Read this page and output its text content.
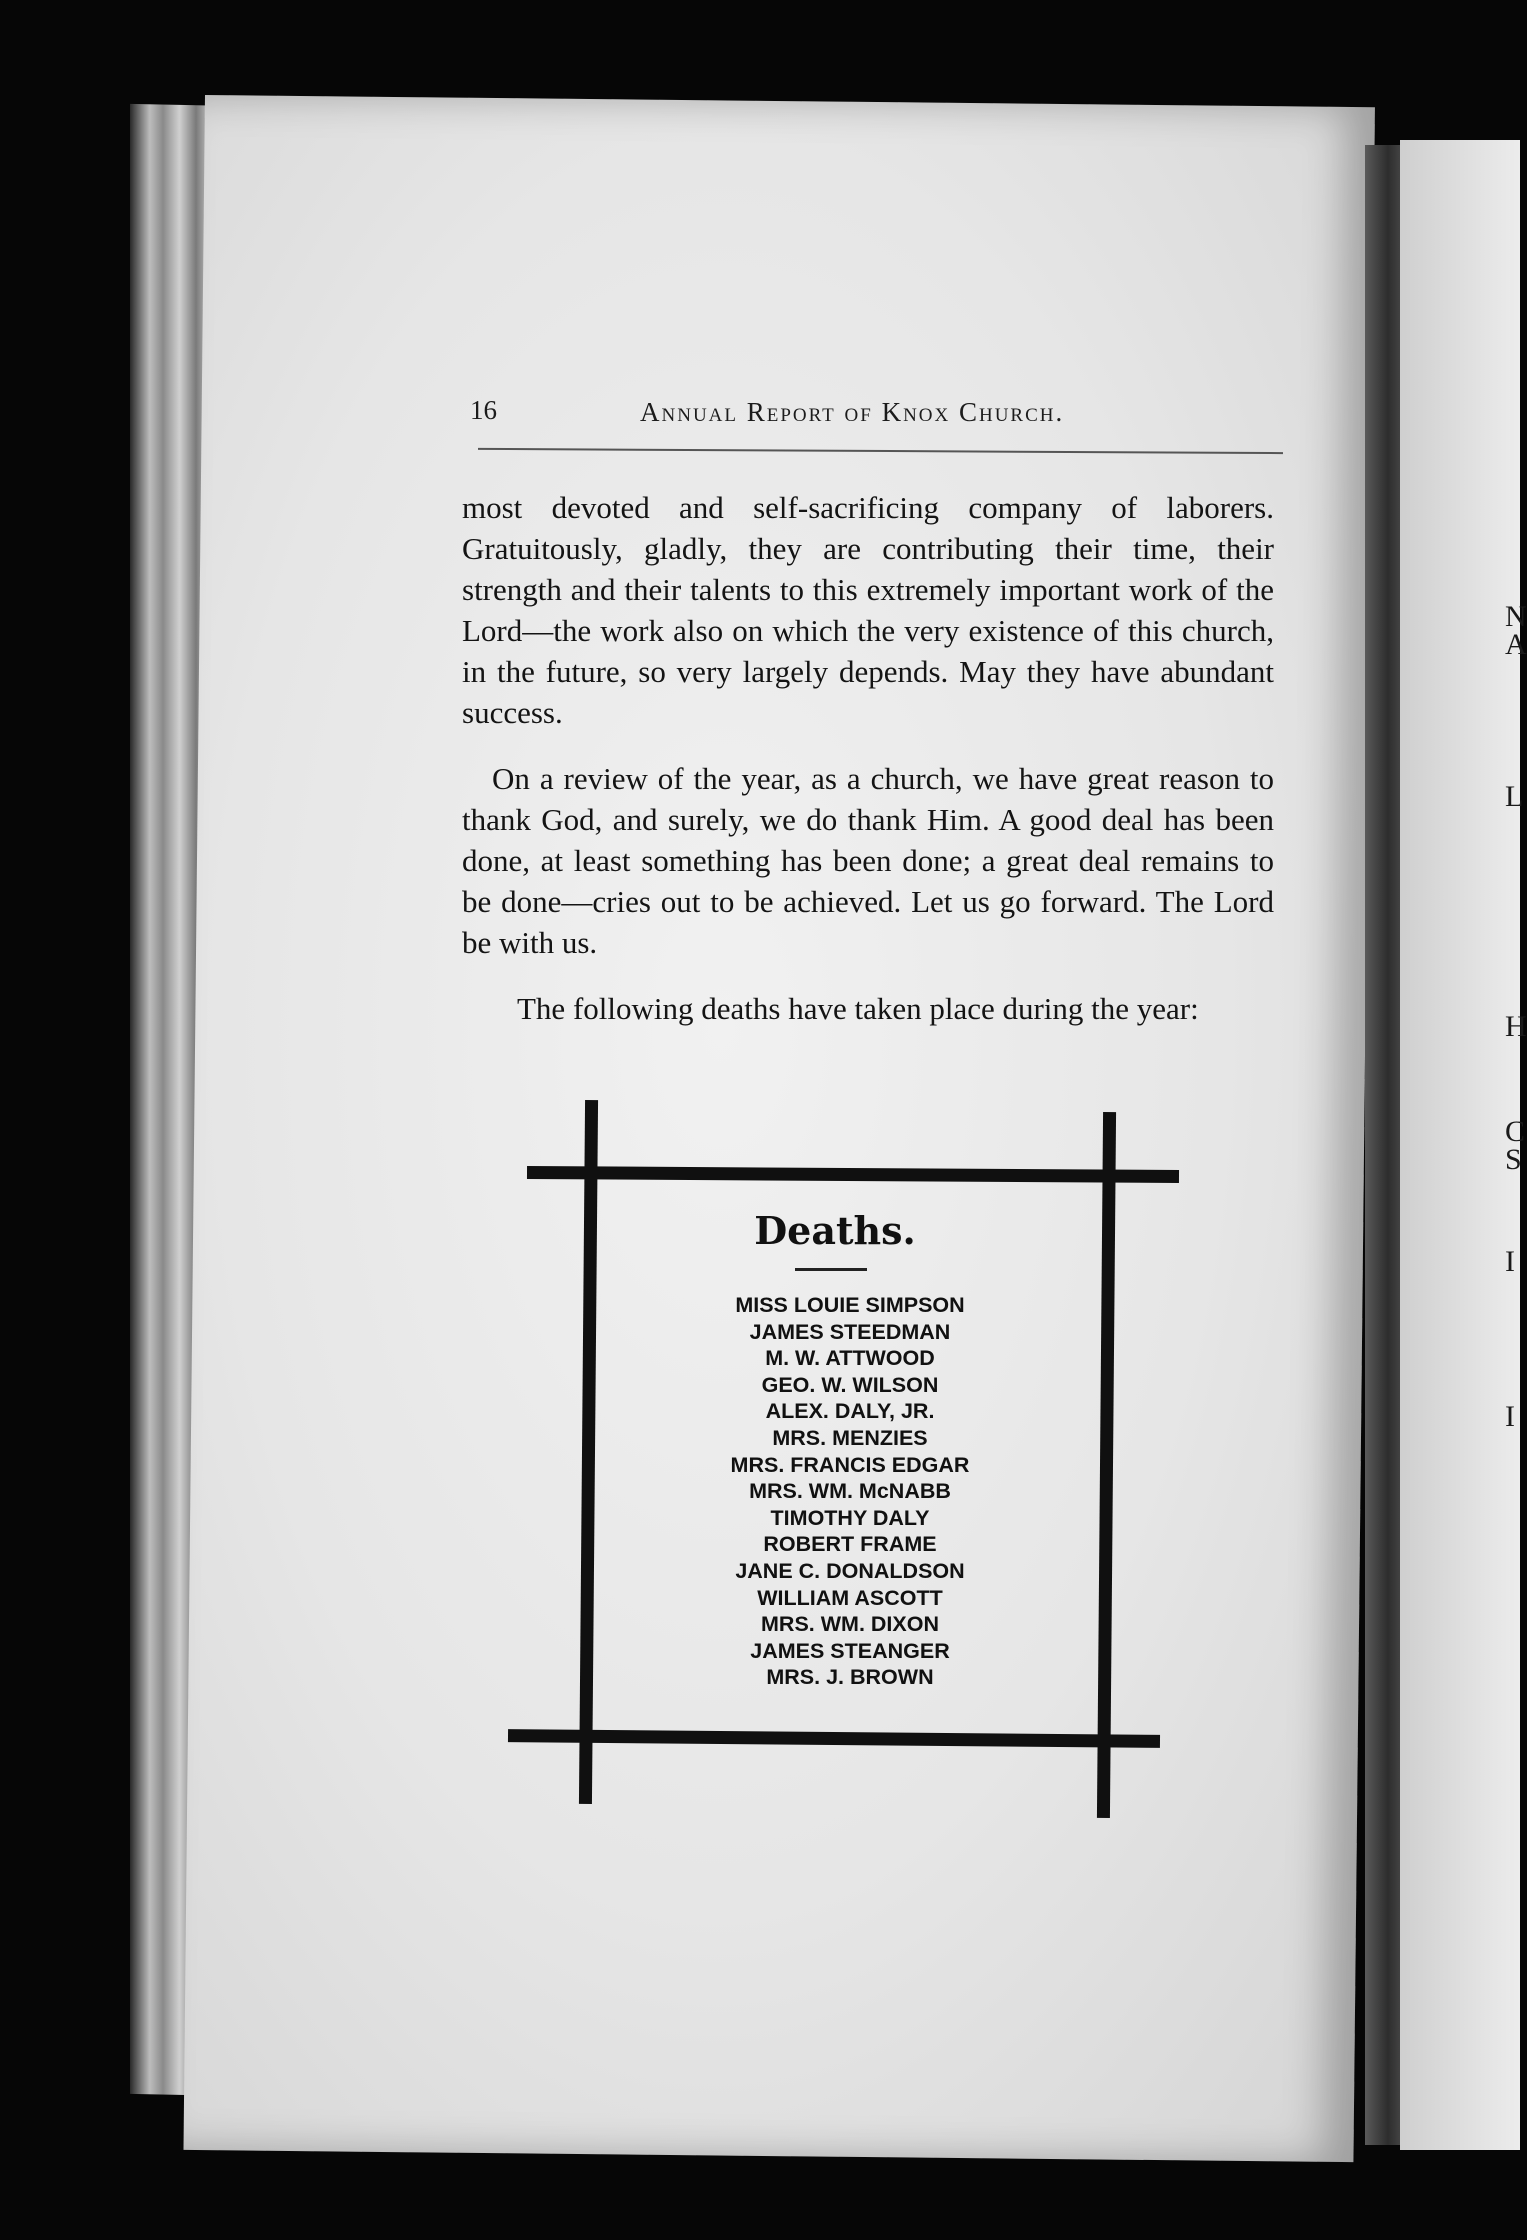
N
A
L
H
C
S
I
I
16	Annual Report of Knox Church.

most devoted and self-sacrificing company of laborers. Gratuitously, gladly, they are contributing their time, their strength and their talents to this extremely important work of the Lord—the work also on which the very existence of this church, in the future, so very largely depends. May they have abundant success.

On a review of the year, as a church, we have great reason to thank God, and surely, we do thank Him. A good deal has been done, at least something has been done; a great deal remains to be done—cries out to be achieved. Let us go forward. The Lord be with us.

The following deaths have taken place during the year:

Deaths.
MISS LOUIE SIMPSON
JAMES STEEDMAN
M. W. ATTWOOD
GEO. W. WILSON
ALEX. DALY, JR.
MRS. MENZIES
MRS. FRANCIS EDGAR
MRS. WM. McNABB
TIMOTHY DALY
ROBERT FRAME
JANE C. DONALDSON
WILLIAM ASCOTT
MRS. WM. DIXON
JAMES STEANGER
MRS. J. BROWN
